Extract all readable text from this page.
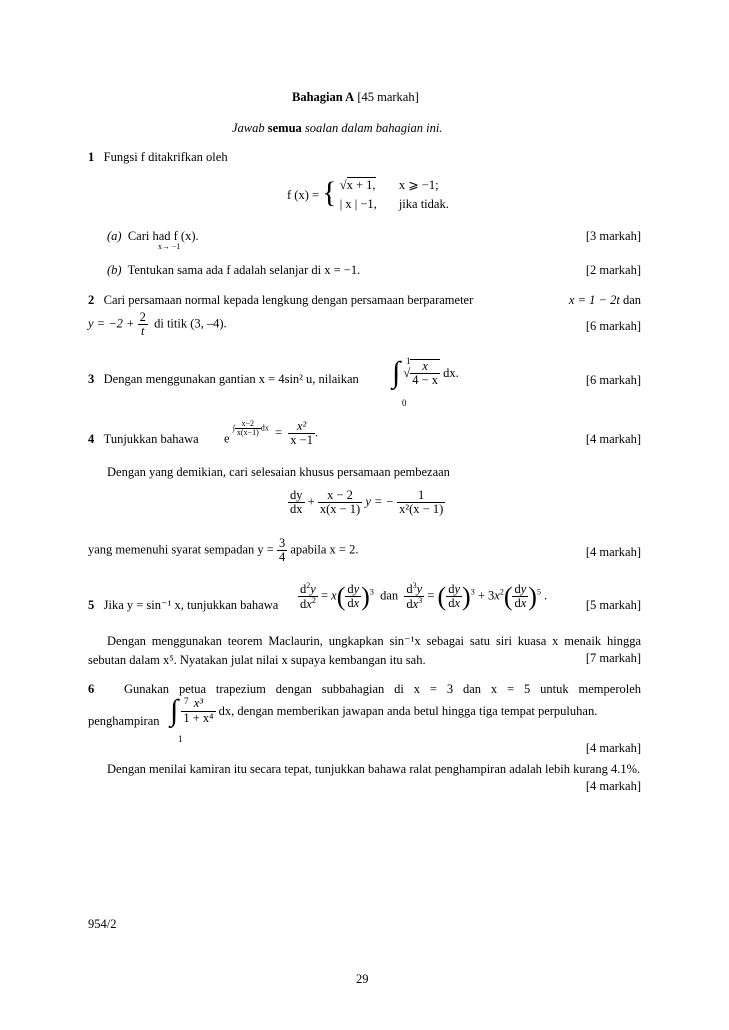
Bahagian A [45 markah]
Jawab semua soalan dalam bahagian ini.
1 Fungsi f ditakrifkan oleh
f (x) = { √x + 1, x ⩾ −1;
| x | −1, jika tidak.
(a) Cari had f (x).
x→ −1
[3 markah]
(b) Tentukan sama ada f adalah selanjar di x = −1.	[2 markah]
2 Cari persamaan normal kepada lengkung dengan persamaan berparameter	x = 1 − 2t dan
$y = -2 + \frac{2}{t}$ di titik (3, –4).	[6 markah]
3 Dengan menggunakan gantian x = 4sin² u, nilaikan ∫ 1
0
√ $\frac{x}{4 - x}$ dx.
[6 markah]
4 Tunjukkan bahawa e ∫ $\frac{x-2}{x(x-1)}$ dx  = $\frac{\text{x²}}{x -1}$ .	[4 markah]
Dengan yang demikian, cari selesaian khusus persamaan pembezaan
$\frac{dy}{dx} + \frac{x - 2}{x(x - 1)}$ y = − $\frac{1}{\text{x²(x − 1)}}$
yang memenuhi syarat sempadan $y = \frac{3}{4}$ apabila x = 2.	[4 markah]
5 Jika y = sin⁻¹ x, tunjukkan bahawa $\frac{d^2y}{dx^2} = x( \frac{dy}{dx} )^3$  dan $\frac{d^3y}{dx^3}$ = ( $\frac{dy}{dx} )^3 + 3x^2( \frac{dy}{dx} )^5$ .
[5 markah]
Dengan menggunakan teorem Maclaurin, ungkapkan sin⁻¹x sebagai satu siri kuasa x menaik hingga sebutan dalam x⁵. Nyatakan julat nilai x supaya kembangan itu sah.	[7 markah]
6 Gunakan petua trapezium dengan subbahagian di x = 3 dan x = 5 untuk memperoleh
penghampiran ∫ 7
1
$\frac{\text{x³}}{\text{1 + x⁴}}$ dx, dengan memberikan jawapan anda betul hingga tiga tempat perpuluhan.
[4 markah]
Dengan menilai kamiran itu secara tepat, tunjukkan bahawa ralat penghampiran adalah lebih kurang 4.1%.
[4 markah]
954/2
29
